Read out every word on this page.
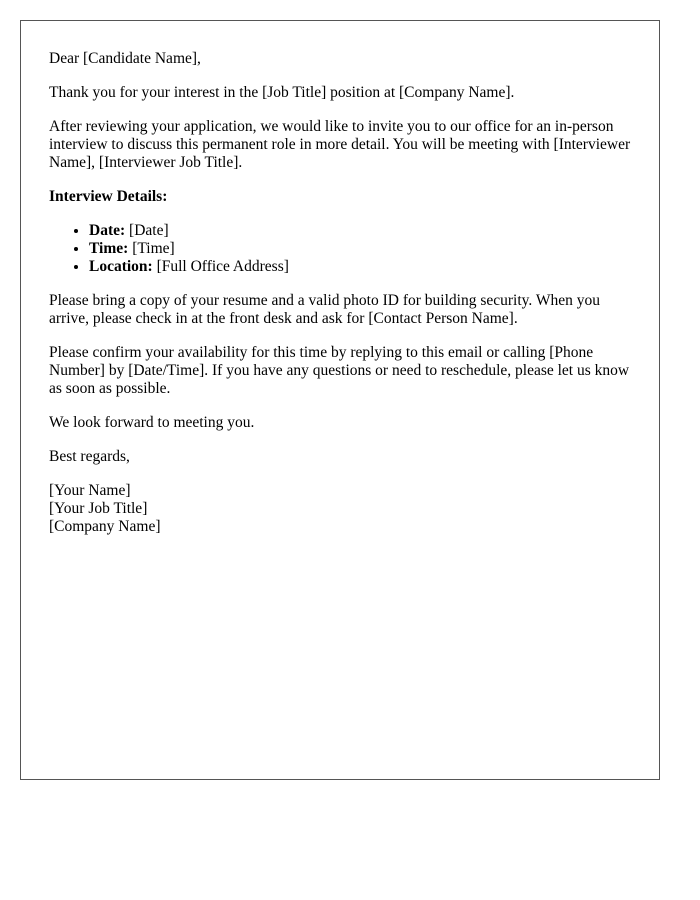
Dear [Candidate Name],

Thank you for your interest in the [Job Title] position at [Company Name].

After reviewing your application, we would like to invite you to our office for an in-person interview to discuss this permanent role in more detail. You will be meeting with [Interviewer Name], [Interviewer Job Title].

Interview Details:

• Date: [Date]
• Time: [Time]
• Location: [Full Office Address]

Please bring a copy of your resume and a valid photo ID for building security. When you arrive, please check in at the front desk and ask for [Contact Person Name].

Please confirm your availability for this time by replying to this email or calling [Phone Number] by [Date/Time]. If you have any questions or need to reschedule, please let us know as soon as possible.

We look forward to meeting you.

Best regards,

[Your Name]
[Your Job Title]
[Company Name]
